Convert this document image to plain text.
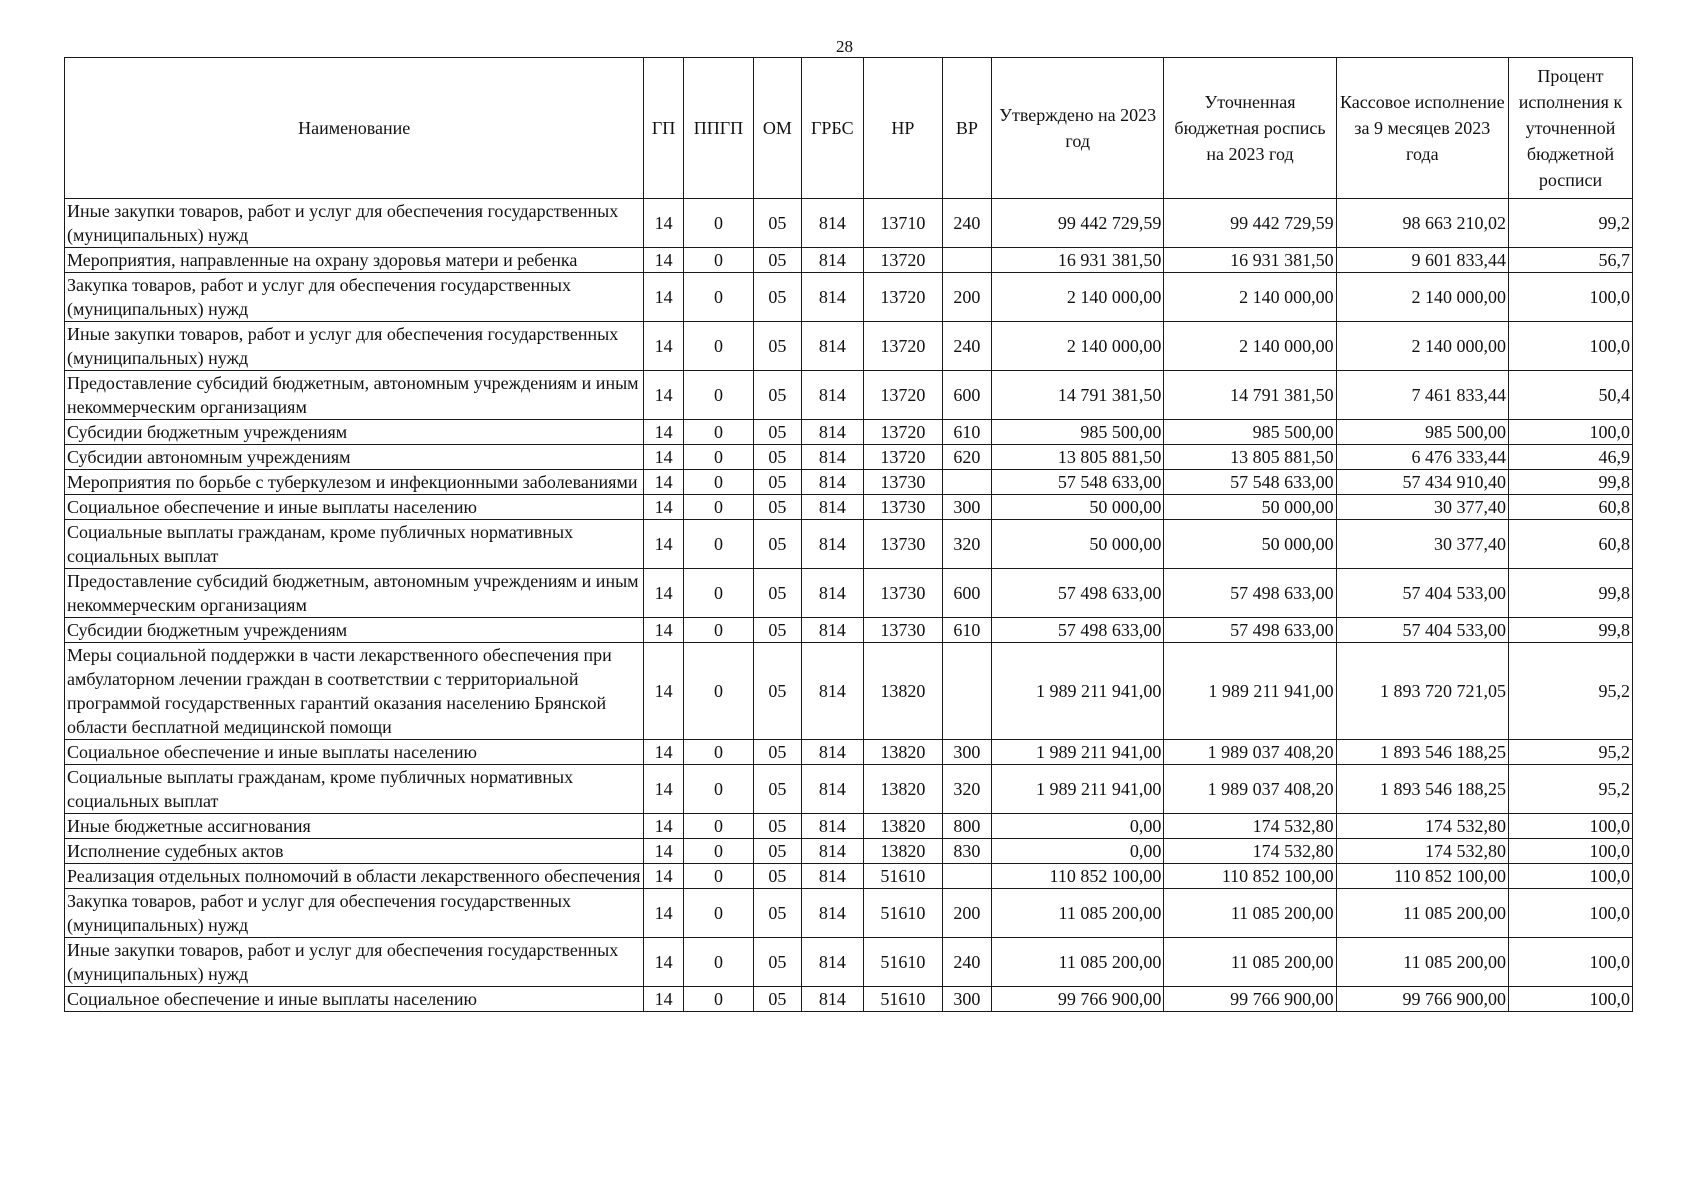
28
Наименование	ГП	ППГП	ОМ	ГРБС	НР	ВР	Утверждено на 2023 год	Уточненная бюджетная роспись на 2023 год	Кассовое исполнение за 9 месяцев 2023 года	Процент исполнения к уточненной бюджетной росписи
Иные закупки товаров, работ и услуг для обеспечения государственных (муниципальных) нужд	14	0	05	814	13710	240	99 442 729,59	99 442 729,59	98 663 210,02	99,2
Мероприятия, направленные на охрану здоровья матери и ребенка	14	0	05	814	13720		16 931 381,50	16 931 381,50	9 601 833,44	56,7
Закупка товаров, работ и услуг для обеспечения государственных (муниципальных) нужд	14	0	05	814	13720	200	2 140 000,00	2 140 000,00	2 140 000,00	100,0
Иные закупки товаров, работ и услуг для обеспечения государственных (муниципальных) нужд	14	0	05	814	13720	240	2 140 000,00	2 140 000,00	2 140 000,00	100,0
Предоставление субсидий бюджетным, автономным учреждениям и иным некоммерческим организациям	14	0	05	814	13720	600	14 791 381,50	14 791 381,50	7 461 833,44	50,4
Субсидии бюджетным учреждениям	14	0	05	814	13720	610	985 500,00	985 500,00	985 500,00	100,0
Субсидии автономным учреждениям	14	0	05	814	13720	620	13 805 881,50	13 805 881,50	6 476 333,44	46,9
Мероприятия по борьбе с туберкулезом и инфекционными заболеваниями	14	0	05	814	13730		57 548 633,00	57 548 633,00	57 434 910,40	99,8
Социальное обеспечение и иные выплаты населению	14	0	05	814	13730	300	50 000,00	50 000,00	30 377,40	60,8
Социальные выплаты гражданам, кроме публичных нормативных социальных выплат	14	0	05	814	13730	320	50 000,00	50 000,00	30 377,40	60,8
Предоставление субсидий бюджетным, автономным учреждениям и иным некоммерческим организациям	14	0	05	814	13730	600	57 498 633,00	57 498 633,00	57 404 533,00	99,8
Субсидии бюджетным учреждениям	14	0	05	814	13730	610	57 498 633,00	57 498 633,00	57 404 533,00	99,8
Меры социальной поддержки в части лекарственного обеспечения при амбулаторном лечении граждан в соответствии с территориальной программой государственных гарантий оказания населению Брянской области бесплатной медицинской помощи	14	0	05	814	13820		1 989 211 941,00	1 989 211 941,00	1 893 720 721,05	95,2
Социальное обеспечение и иные выплаты населению	14	0	05	814	13820	300	1 989 211 941,00	1 989 037 408,20	1 893 546 188,25	95,2
Социальные выплаты гражданам, кроме публичных нормативных социальных выплат	14	0	05	814	13820	320	1 989 211 941,00	1 989 037 408,20	1 893 546 188,25	95,2
Иные бюджетные ассигнования	14	0	05	814	13820	800	0,00	174 532,80	174 532,80	100,0
Исполнение судебных актов	14	0	05	814	13820	830	0,00	174 532,80	174 532,80	100,0
Реализация отдельных полномочий в области лекарственного обеспечения	14	0	05	814	51610		110 852 100,00	110 852 100,00	110 852 100,00	100,0
Закупка товаров, работ и услуг для обеспечения государственных (муниципальных) нужд	14	0	05	814	51610	200	11 085 200,00	11 085 200,00	11 085 200,00	100,0
Иные закупки товаров, работ и услуг для обеспечения государственных (муниципальных) нужд	14	0	05	814	51610	240	11 085 200,00	11 085 200,00	11 085 200,00	100,0
Социальное обеспечение и иные выплаты населению	14	0	05	814	51610	300	99 766 900,00	99 766 900,00	99 766 900,00	100,0
